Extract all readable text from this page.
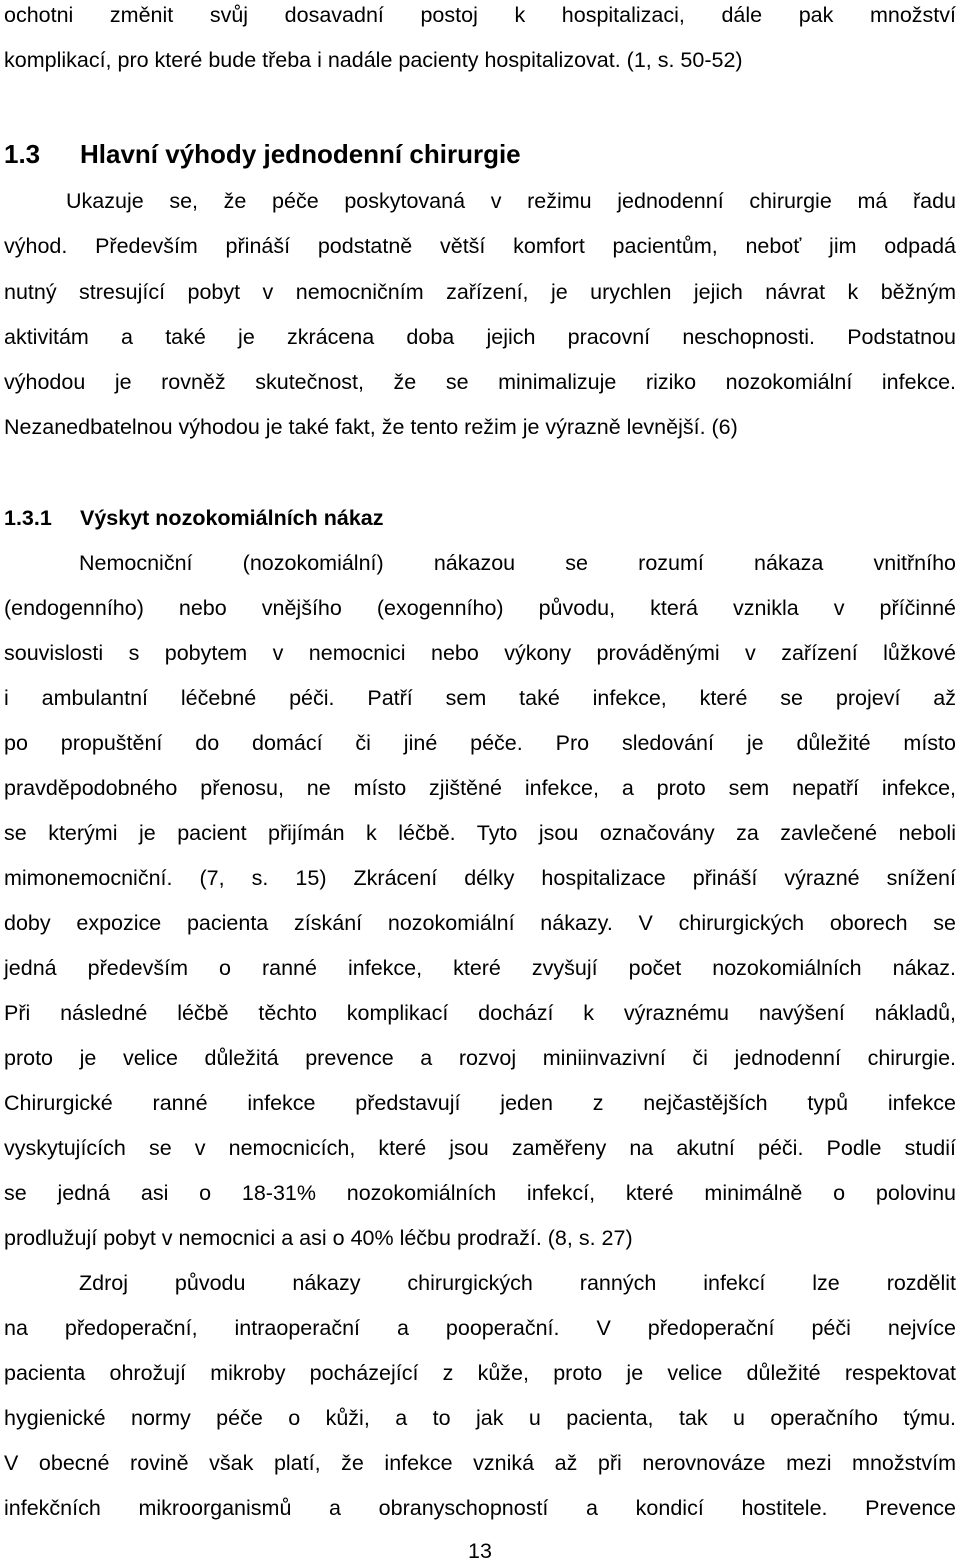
ochotni změnit svůj dosavadní postoj k hospitalizaci, dále pak množství
komplikací, pro které bude třeba i nadále pacienty hospitalizovat. (1, s. 50-52)
1.3 Hlavní výhody jednodenní chirurgie
Ukazuje se, že péče poskytovaná v režimu jednodenní chirurgie má řadu
výhod. Především přináší podstatně větší komfort pacientům, neboť jim odpadá
nutný stresující pobyt v nemocničním zařízení, je urychlen jejich návrat k běžným
aktivitám a také je zkrácena doba jejich pracovní neschopnosti. Podstatnou
výhodou je rovněž skutečnost, že se minimalizuje riziko nozokomiální infekce.
Nezanedbatelnou výhodou je také fakt, že tento režim je výrazně levnější. (6)
1.3.1 Výskyt nozokomiálních nákaz
Nemocniční (nozokomiální) nákazou se rozumí nákaza vnitřního
(endogenního) nebo vnějšího (exogenního) původu, která vznikla v příčinné
souvislosti s pobytem v nemocnici nebo výkony prováděnými v zařízení lůžkové
i ambulantní léčebné péči. Patří sem také infekce, které se projeví až
po propuštění do domácí či jiné péče. Pro sledování je důležité místo
pravděpodobného přenosu, ne místo zjištěné infekce, a proto sem nepatří infekce,
se kterými je pacient přijímán k léčbě. Tyto jsou označovány za zavlečené neboli
mimonemocniční. (7, s. 15) Zkrácení délky hospitalizace přináší výrazné snížení
doby expozice pacienta získání nozokomiální nákazy. V chirurgických oborech se
jedná především o ranné infekce, které zvyšují počet nozokomiálních nákaz.
Při následné léčbě těchto komplikací dochází k výraznému navýšení nákladů,
proto je velice důležitá prevence a rozvoj miniinvazivní či jednodenní chirurgie.
Chirurgické ranné infekce představují jeden z nejčastějších typů infekce
vyskytujících se v nemocnicích, které jsou zaměřeny na akutní péči. Podle studií
se jedná asi o 18-31% nozokomiálních infekcí, které minimálně o polovinu
prodlužují pobyt v nemocnici a asi o 40% léčbu prodraží. (8, s. 27)
Zdroj původu nákazy chirurgických ranných infekcí lze rozdělit
na předoperační, intraoperační a pooperační. V předoperační péči nejvíce
pacienta ohrožují mikroby pocházející z kůže, proto je velice důležité respektovat
hygienické normy péče o kůži, a to jak u pacienta, tak u operačního týmu.
V obecné rovině však platí, že infekce vzniká až při nerovnováze mezi množstvím
infekčních mikroorganismů a obranyschopností a kondicí hostitele. Prevence
13
